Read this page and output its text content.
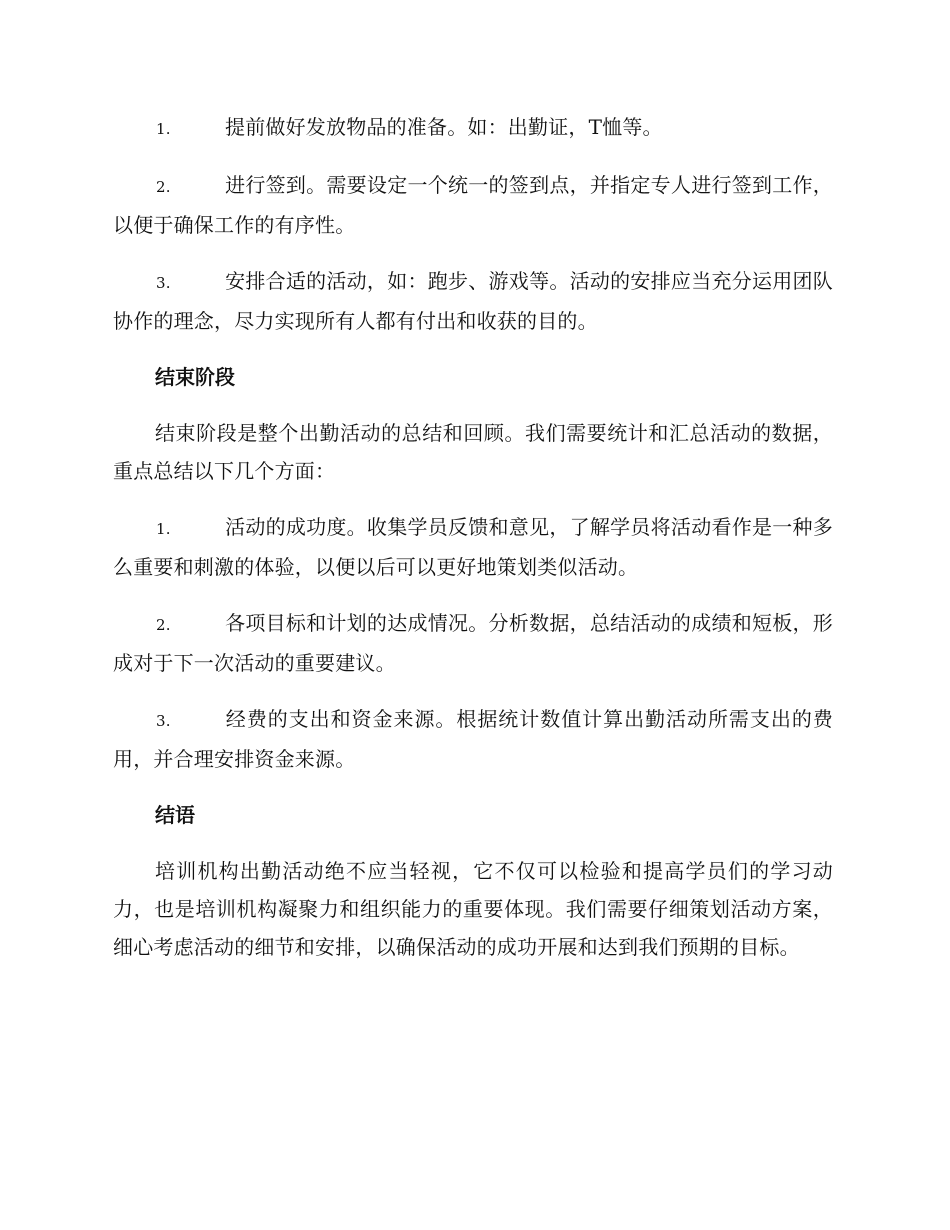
1.	提前做好发放物品的准备。如：出勤证，T恤等。

2.	进行签到。需要设定一个统一的签到点，并指定专人进行签到工作，以便于确保工作的有序性。

3.	安排合适的活动，如：跑步、游戏等。活动的安排应当充分运用团队协作的理念，尽力实现所有人都有付出和收获的目的。

结束阶段

结束阶段是整个出勤活动的总结和回顾。我们需要统计和汇总活动的数据，重点总结以下几个方面：

1.	活动的成功度。收集学员反馈和意见，了解学员将活动看作是一种多么重要和刺激的体验，以便以后可以更好地策划类似活动。

2.	各项目标和计划的达成情况。分析数据，总结活动的成绩和短板，形成对于下一次活动的重要建议。

3.	经费的支出和资金来源。根据统计数值计算出勤活动所需支出的费用，并合理安排资金来源。

结语

培训机构出勤活动绝不应当轻视，它不仅可以检验和提高学员们的学习动力，也是培训机构凝聚力和组织能力的重要体现。我们需要仔细策划活动方案，细心考虑活动的细节和安排，以确保活动的成功开展和达到我们预期的目标。
